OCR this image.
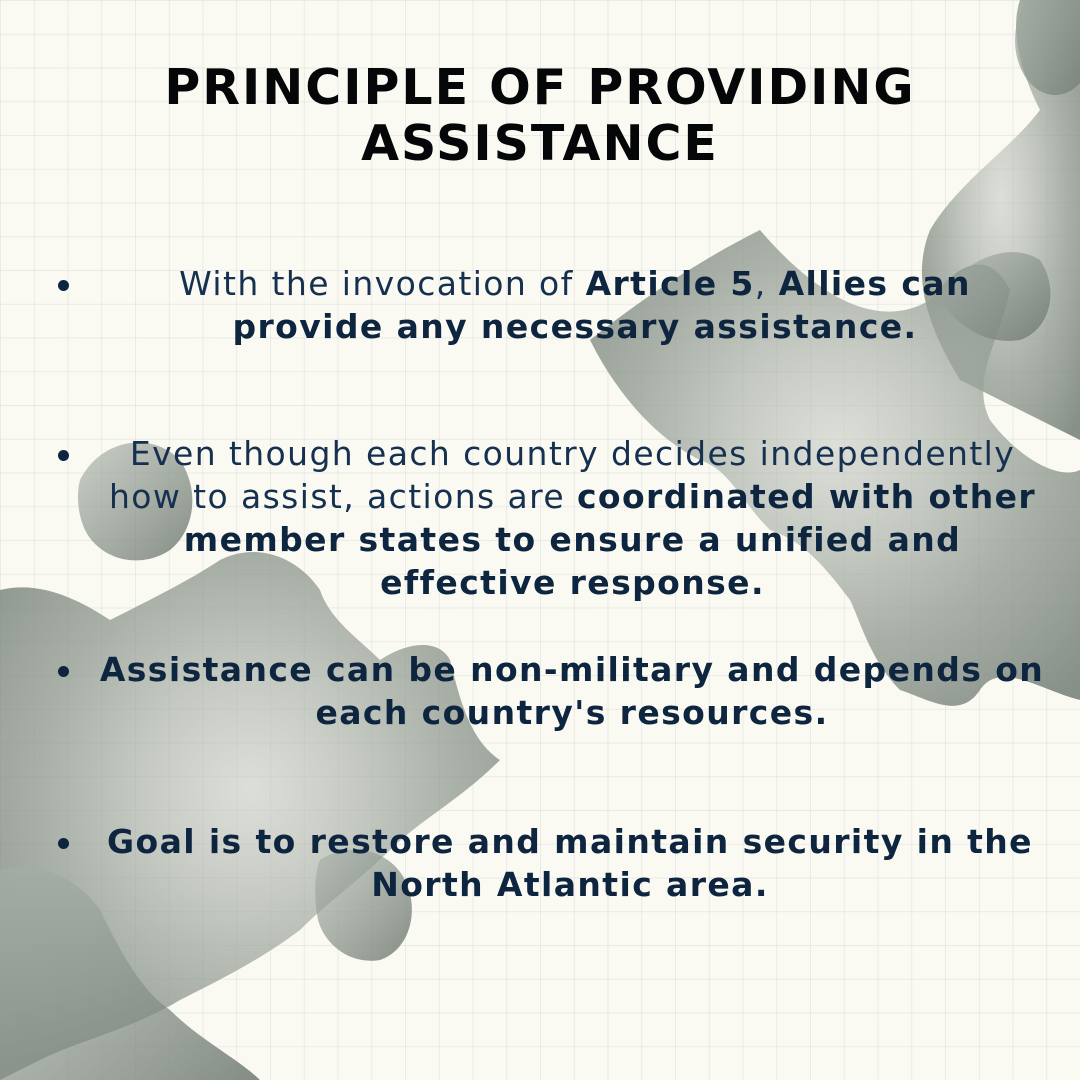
PRINCIPLE OF PROVIDING
ASSISTANCE
With the invocation of Article 5, Allies can provide any necessary assistance.
Even though each country decides independently how to assist, actions are coordinated with other member states to ensure a unified and effective response.
Assistance can be non-military and depends on each country's resources.
Goal is to restore and maintain security in the North Atlantic area.
